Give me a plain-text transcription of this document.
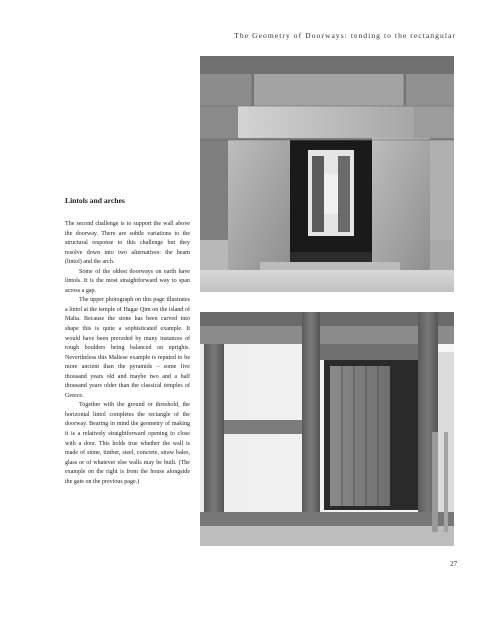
The Geometry of Doorways: tending to the rectangular
Lintols and arches

The second challenge is to support the wall above the doorway. There are subtle variations to the structural response to this challenge but they resolve down into two alternatives: the beam (lintol) and the arch.

Some of the oldest doorways on earth have lintols. It is the most straightforward way to span across a gap.

The upper photograph on this page illustrates a lintol at the temple of Hagar Qim on the island of Malta. Because the stone has been carved into shape this is quite a sophisticated example. It would have been preceded by many instances of rough boulders being balanced on uprights. Nevertheless this Maltese example is reputed to be more ancient than the pyramids – some five thousand years old and maybe two and a half thousand years older than the classical temples of Greece.

Together with the ground or threshold, the horizontal lintol completes the rectangle of the doorway. Bearing in mind the geometry of making it is a relatively straightforward opening to close with a door. This holds true whether the wall is made of stone, timber, steel, concrete, straw bales, glass or of whatever else walls may be built. (The example on the right is from the house alongside the gate on the previous page.)

27
